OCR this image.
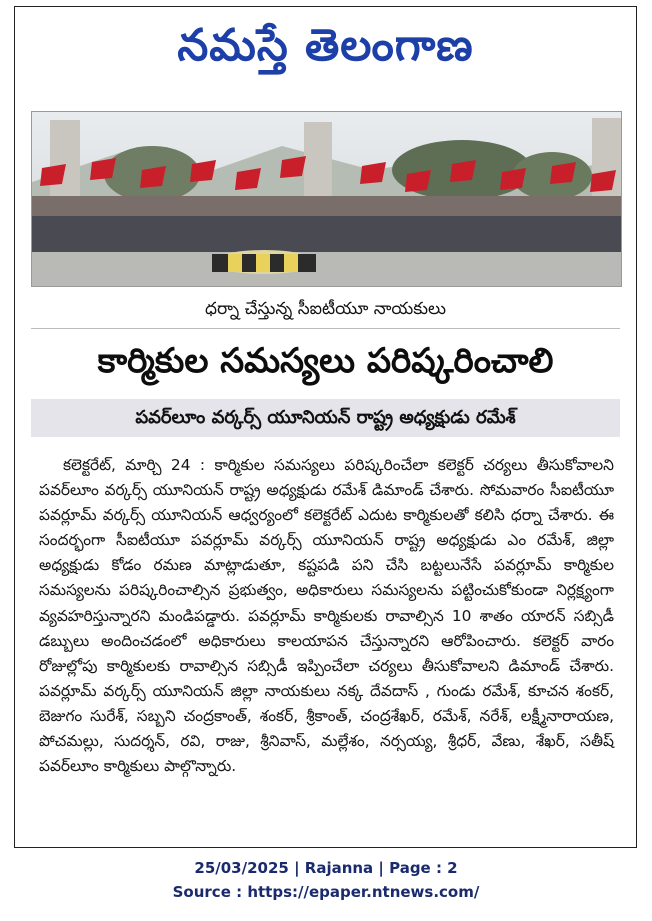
నమస్తే తెలంగాణ
ధర్నా చేస్తున్న సీఐటీయూ నాయకులు
కార్మికుల సమస్యలు పరిష్కరించాలి
పవర్‌లూం వర్కర్స్ యూనియన్ రాష్ట్ర అధ్యక్షుడు రమేశ్

కలెక్టరేట్, మార్చి 24 : కార్మికుల సమస్యలు పరిష్కరించేలా కలెక్టర్ చర్యలు తీసుకోవాలని పవర్‌లూం వర్కర్స్ యూనియన్ రాష్ట్ర అధ్యక్షుడు రమేశ్ డిమాండ్ చేశారు. సోమవారం సీఐటీయూ పవర్లూమ్ వర్కర్స్ యూనియన్ ఆధ్వర్యంలో కలెక్టరేట్ ఎదుట కార్మికులతో కలిసి ధర్నా చేశారు. ఈ సందర్భంగా సీఐటీయూ పవర్లూమ్ వర్కర్స్ యూనియన్ రాష్ట్ర అధ్యక్షుడు ఎం రమేశ్, జిల్లా అధ్యక్షుడు కోడం రమణ మాట్లాడుతూ, కష్టపడి పని చేసి బట్టలునేసే పవర్లూమ్ కార్మికుల సమస్యలను పరిష్కరించాల్సిన ప్రభుత్వం, అధికారులు సమస్యలను పట్టించుకోకుండా నిర్లక్ష్యంగా వ్యవహరిస్తున్నారని మండిపడ్డారు. పవర్లూమ్ కార్మికులకు రావాల్సిన 10 శాతం యారన్ సబ్సిడీ డబ్బులు అందించడంలో అధికారులు కాలయాపన చేస్తున్నారని ఆరోపించారు. కలెక్టర్ వారం రోజుల్లోపు కార్మికులకు రావాల్సిన సబ్సిడీ ఇప్పించేలా చర్యలు తీసుకోవాలని డిమాండ్ చేశారు. పవర్లూమ్ వర్కర్స్ యూనియన్ జిల్లా నాయకులు నక్క దేవదాస్ , గుండు రమేశ్, కూచన శంకర్, బెజుగం సురేశ్, సబ్బని చంద్రకాంత్, శంకర్, శ్రీకాంత్, చంద్రశేఖర్, రమేశ్, నరేశ్, లక్ష్మీనారాయణ, పోచమల్లు, సుదర్శన్, రవి, రాజు, శ్రీనివాస్, మల్లేశం, నర్సయ్య, శ్రీధర్, వేణు, శేఖర్, సతీష్ పవర్‌లూం కార్మికులు పాల్గొన్నారు.

25/03/2025 | Rajanna | Page : 2
Source : https://epaper.ntnews.com/
